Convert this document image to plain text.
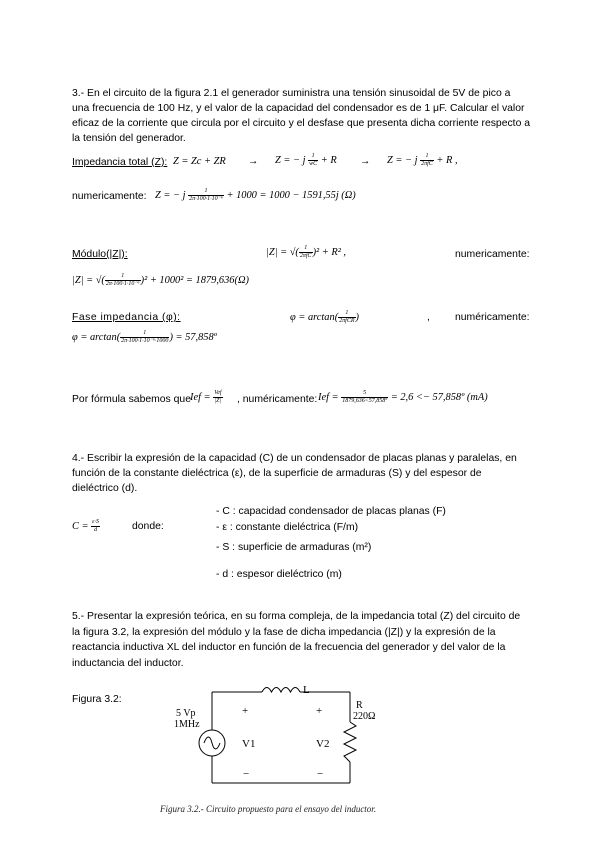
3.- En el circuito de la figura 2.1 el generador suministra una tensión sinusoidal de 5V de pico a una frecuencia de 100 Hz, y el valor de la capacidad del condensador es de 1 μF. Calcular el valor eficaz de la corriente que circula por el circuito y el desfase que presenta dicha corriente respecto a la tensión del generador.
Impedancia total (Z): Z = Zc + ZR → Z = − j $\frac{1}{wC} + R \to Z$ = − j $\frac{1}{\text{2πfC}} + R$ ,
numericamente: Z = − j $\frac{1}{\text{2π·100·1·10⁻⁶}} + 1000 = 1000 - 1591,55j$ (Ω)
Módulo(|Z|):	|Z| = √( $\frac{1}{\text{2πfC}} )^2 + R^2$ ,	numericamente:
|Z| = √( $\frac{1}{\text{2π·100·1·10⁻⁶}} )^2 + 1000^2 = 1879,636(\Omega)$
Fase impedancia (φ):	$\varphi = \arctan( \frac{1}{\text{2πfCR}}$ )	, numéricamente:
$\varphi = \arctan( \frac{1}{\text{2π·100·1·10⁻⁶·1000}}$ ) = 57,858º
Por fórmula sabemos que Ief = $\frac{\text{Vef}}{|Z|}$ , numéricamente: Ief = $\frac{5}{\text{1879,636<57,858º}} = 2,6$ <− 57,858º (mA)
4.- Escribir la expresión de la capacidad (C) de un condensador de placas planas y paralelas, en función de la constante dieléctrica (ε), de la superficie de armaduras (S) y del espesor de dieléctrico (d).
$C = \frac{\varepsilon\cdot S}{d}$	donde:
- C : capacidad condensador de placas planas (F)
- ε : constante dieléctrica (F/m)
- S : superficie de armaduras (m²)
- d : espesor dieléctrico (m)
5.- Presentar la expresión teórica, en su forma compleja, de la impedancia total (Z) del circuito de la figura 3.2, la expresión del módulo y la fase de dicha impedancia (|Z|) y la expresión de la reactancia inductiva XL del inductor en función de la frecuencia del generador y del valor de la inductancia del inductor.
Figura 3.2:
5 Vp
1MHz
L
R
220Ω
+	+
V1	V2
−	−
Figura 3.2.- Circuito propuesto para el ensayo del inductor.
